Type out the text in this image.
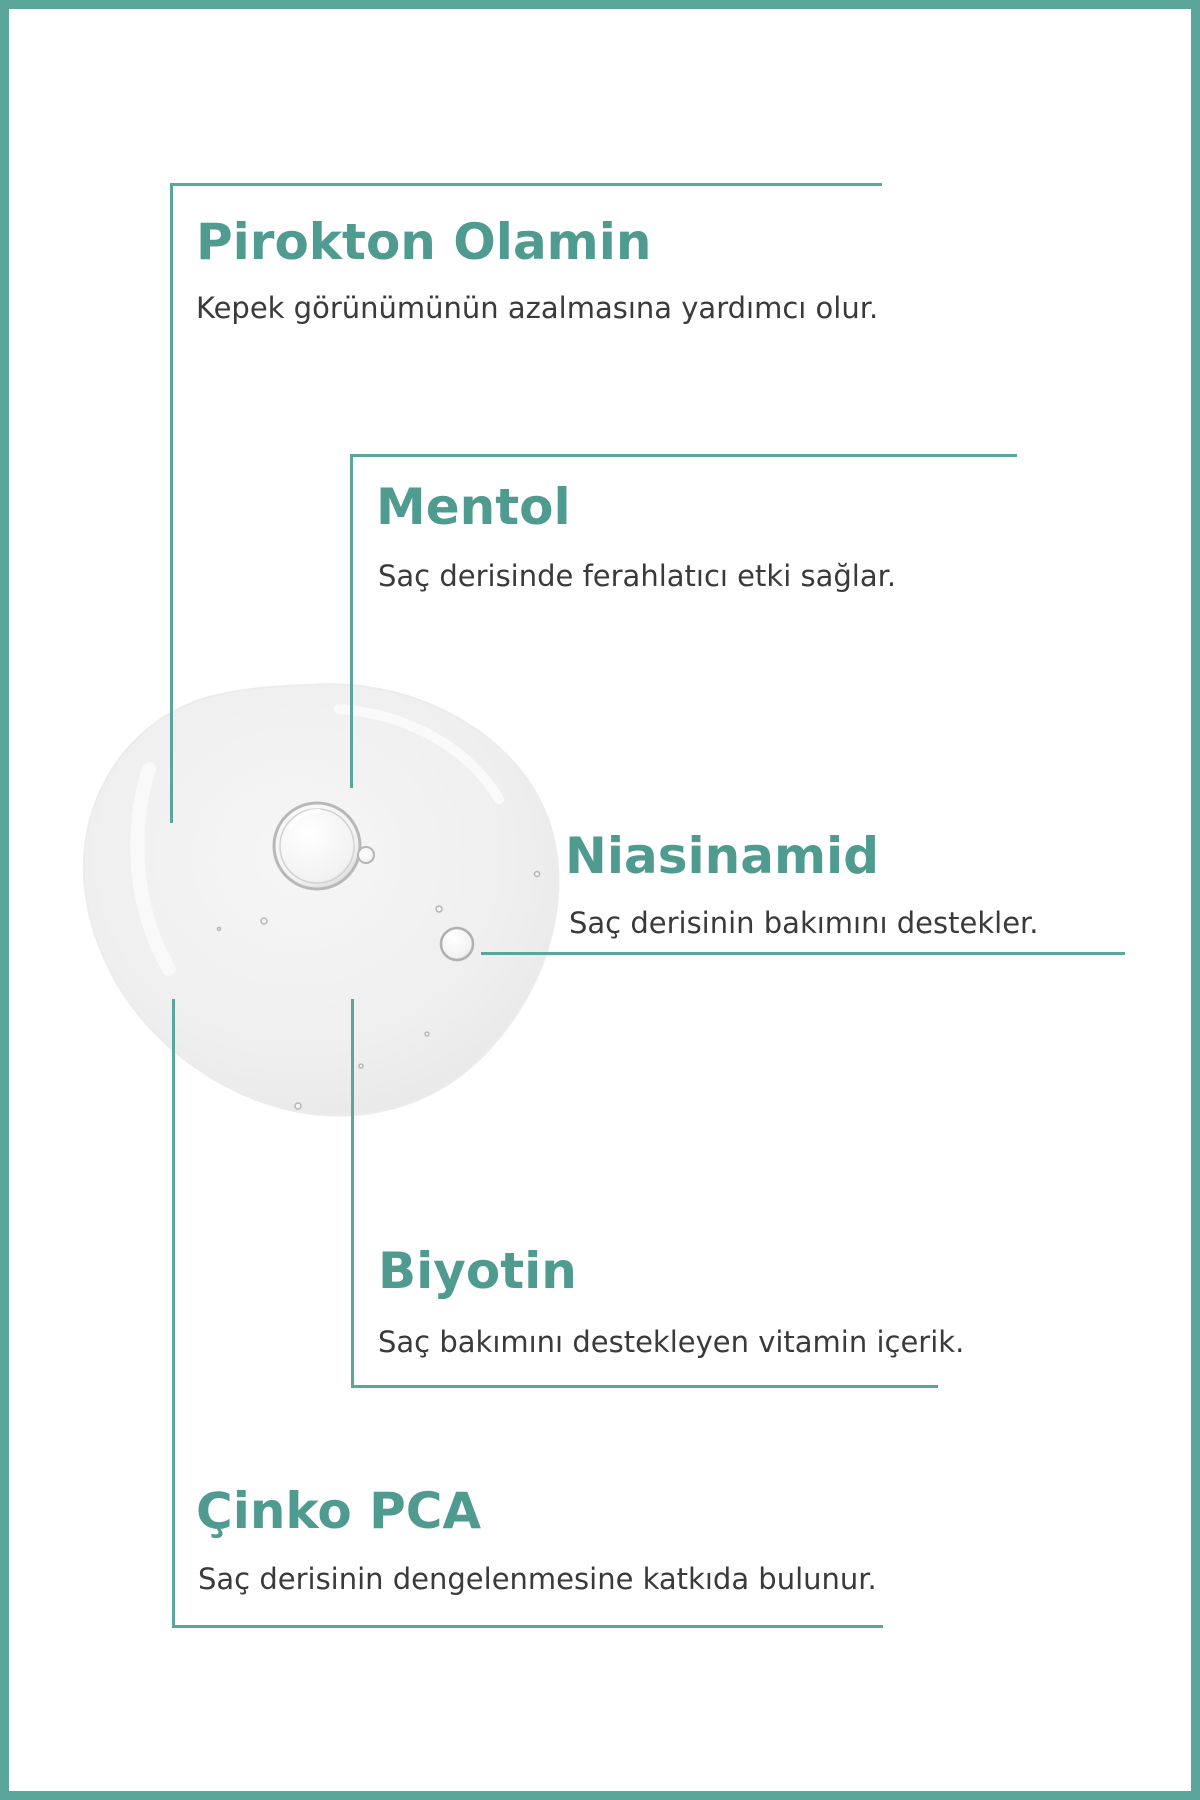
Pirokton Olamin

Kepek görünümünün azalmasına yardımcı olur.

Mentol

Saç derisinde ferahlatıcı etki sağlar.

Niasinamid

Saç derisinin bakımını destekler.

Biyotin

Saç bakımını destekleyen vitamin içerik.

Çinko PCA

Saç derisinin dengelenmesine katkıda bulunur.
